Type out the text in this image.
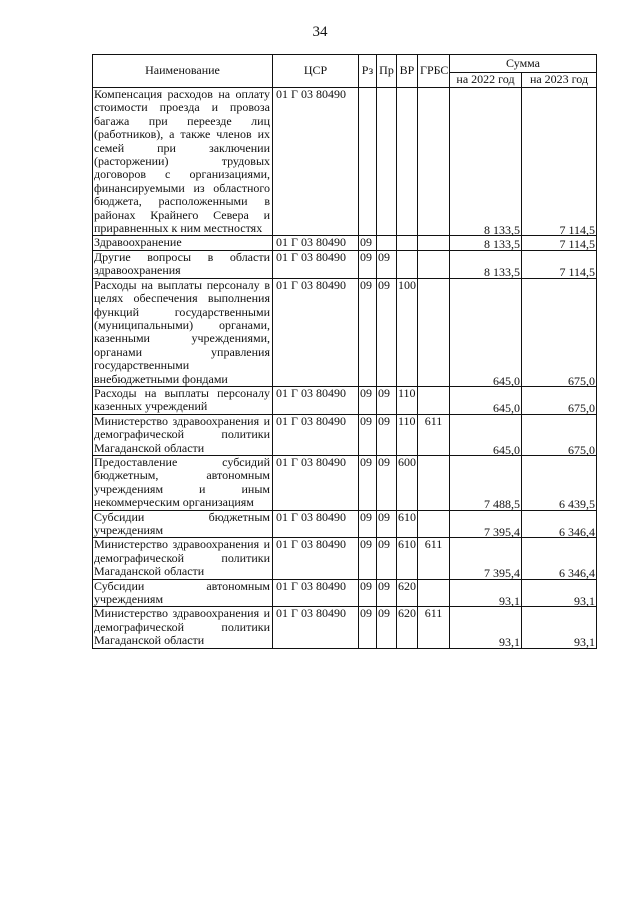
34
Наименование	ЦСР	Рз	Пр	ВР	ГРБС	Сумма	
						на 2022 год	на 2023 год
Компенсация расходов на оплату стоимости проезда и провоза багажа при переезде лиц (работников), а также членов их семей при заключении (расторжении) трудовых договоров с организациями, финансируемыми из областного бюджета, расположенными в районах Крайнего Севера и приравненных к ним местностях	01 Г 03 80490					8 133,5	7 114,5
Здравоохранение	01 Г 03 80490	09				8 133,5	7 114,5
Другие вопросы в области здравоохранения	01 Г 03 80490	09	09			8 133,5	7 114,5
Расходы на выплаты персоналу в целях обеспечения выполнения функций государственными (муниципальными) органами, казенными учреждениями, органами управления государственными внебюджетными фондами	01 Г 03 80490	09	09	100		645,0	675,0
Расходы на выплаты персоналу казенных учреждений	01 Г 03 80490	09	09	110		645,0	675,0
Министерство здравоохранения и демографической политики Магаданской области	01 Г 03 80490	09	09	110	611	645,0	675,0
Предоставление субсидий бюджетным, автономным учреждениям и иным некоммерческим организациям	01 Г 03 80490	09	09	600		7 488,5	6 439,5
Субсидии бюджетным учреждениям	01 Г 03 80490	09	09	610		7 395,4	6 346,4
Министерство здравоохранения и демографической политики Магаданской области	01 Г 03 80490	09	09	610	611	7 395,4	6 346,4
Субсидии автономным учреждениям	01 Г 03 80490	09	09	620		93,1	93,1
Министерство здравоохранения и демографической политики Магаданской области	01 Г 03 80490	09	09	620	611	93,1	93,1
